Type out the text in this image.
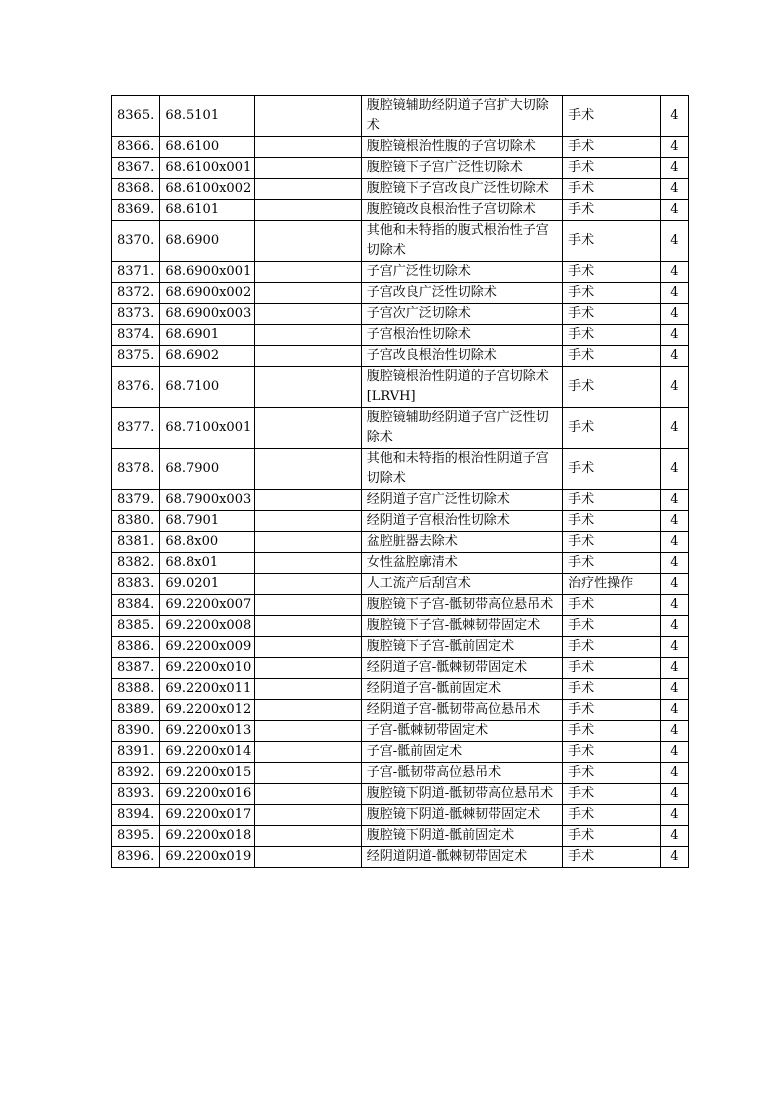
8365.	68.5101		腹腔镜辅助经阴道子宫扩大切除术	手术	4
8366.	68.6100		腹腔镜根治性腹的子宫切除术	手术	4
8367.	68.6100x001		腹腔镜下子宫广泛性切除术	手术	4
8368.	68.6100x002		腹腔镜下子宫改良广泛性切除术	手术	4
8369.	68.6101		腹腔镜改良根治性子宫切除术	手术	4
8370.	68.6900		其他和未特指的腹式根治性子宫切除术	手术	4
8371.	68.6900x001		子宫广泛性切除术	手术	4
8372.	68.6900x002		子宫改良广泛性切除术	手术	4
8373.	68.6900x003		子宫次广泛切除术	手术	4
8374.	68.6901		子宫根治性切除术	手术	4
8375.	68.6902		子宫改良根治性切除术	手术	4
8376.	68.7100		腹腔镜根治性阴道的子宫切除术[LRVH]	手术	4
8377.	68.7100x001		腹腔镜辅助经阴道子宫广泛性切除术	手术	4
8378.	68.7900		其他和未特指的根治性阴道子宫切除术	手术	4
8379.	68.7900x003		经阴道子宫广泛性切除术	手术	4
8380.	68.7901		经阴道子宫根治性切除术	手术	4
8381.	68.8x00		盆腔脏器去除术	手术	4
8382.	68.8x01		女性盆腔廓清术	手术	4
8383.	69.0201		人工流产后刮宫术	治疗性操作	4
8384.	69.2200x007		腹腔镜下子宫-骶韧带高位悬吊术	手术	4
8385.	69.2200x008		腹腔镜下子宫-骶棘韧带固定术	手术	4
8386.	69.2200x009		腹腔镜下子宫-骶前固定术	手术	4
8387.	69.2200x010		经阴道子宫-骶棘韧带固定术	手术	4
8388.	69.2200x011		经阴道子宫-骶前固定术	手术	4
8389.	69.2200x012		经阴道子宫-骶韧带高位悬吊术	手术	4
8390.	69.2200x013		子宫-骶棘韧带固定术	手术	4
8391.	69.2200x014		子宫-骶前固定术	手术	4
8392.	69.2200x015		子宫-骶韧带高位悬吊术	手术	4
8393.	69.2200x016		腹腔镜下阴道-骶韧带高位悬吊术	手术	4
8394.	69.2200x017		腹腔镜下阴道-骶棘韧带固定术	手术	4
8395.	69.2200x018		腹腔镜下阴道-骶前固定术	手术	4
8396.	69.2200x019		经阴道阴道-骶棘韧带固定术	手术	4
